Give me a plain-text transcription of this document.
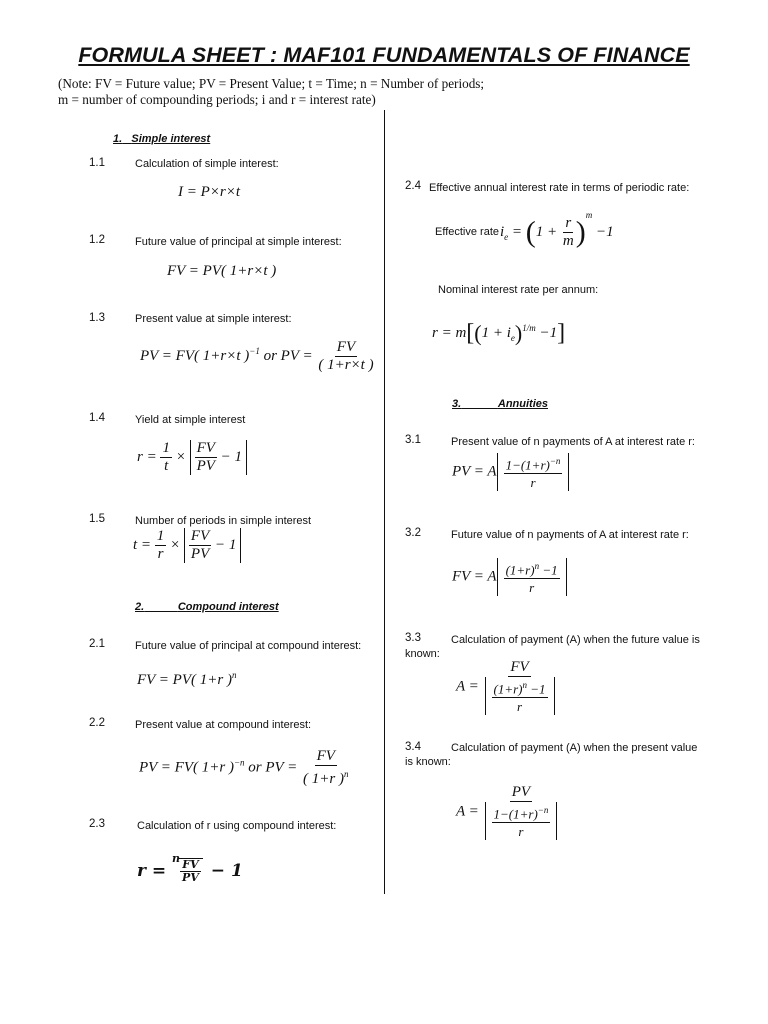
FORMULA SHEET : MAF101 FUNDAMENTALS OF FINANCE
(Note: FV = Future value; PV = Present Value; t = Time; n = Number of periods;
m = number of compounding periods; i and r = interest rate)
1. Simple interest
1.1	Calculation of simple interest:
I = P×r×t
1.2	Future value of principal at simple interest:
FV = PV( 1+r×t )
1.3	Present value at simple interest:
PV = FV( 1+r×t )$^{-1}$ or PV = $\frac{FV}{( 1+r\times t )}$
1.4	Yield at simple interest
$r = \frac{1}{t} \times \frac{FV}{PV} - 1$
1.5	Number of periods in simple interest
$t = \frac{1}{r} \times \frac{FV}{PV} - 1$
2.	Compound interest
2.1	Future value of principal at compound interest:
FV = PV( 1+r )$^n$
2.2	Present value at compound interest:
PV = FV( 1+r )$^{-n}$ or PV = $\frac{FV}{( 1+r )^n}$
2.3	Calculation of r using compound interest:
r = $^n$
$\frac{FV}{PV} - 1$
2.4 Effective annual interest rate in terms of periodic rate:
Effective rate $i_e = (1 + \frac{r}{m} )^m -1$
Nominal interest rate per annum:
$r = m[(1 + i_e)^{1/m} -1]$
3.	Annuities
3.1	Present value of n payments of A at interest rate r:
PV = A $\frac{1-(1+r)^{-n}}{r}$
3.2	Future value of n payments of A at interest rate r:
FV = A $\frac{(1+r)^n -1}{r}$
3.3	Calculation of payment (A) when the future value is
known:
$A = \frac{FV}{\frac{(1+r)^n -1}{r}}$
3.4	Calculation of payment (A) when the present value
is known:
$A = \frac{PV}{\frac{1-(1+r)^{-n}}{r}}$
